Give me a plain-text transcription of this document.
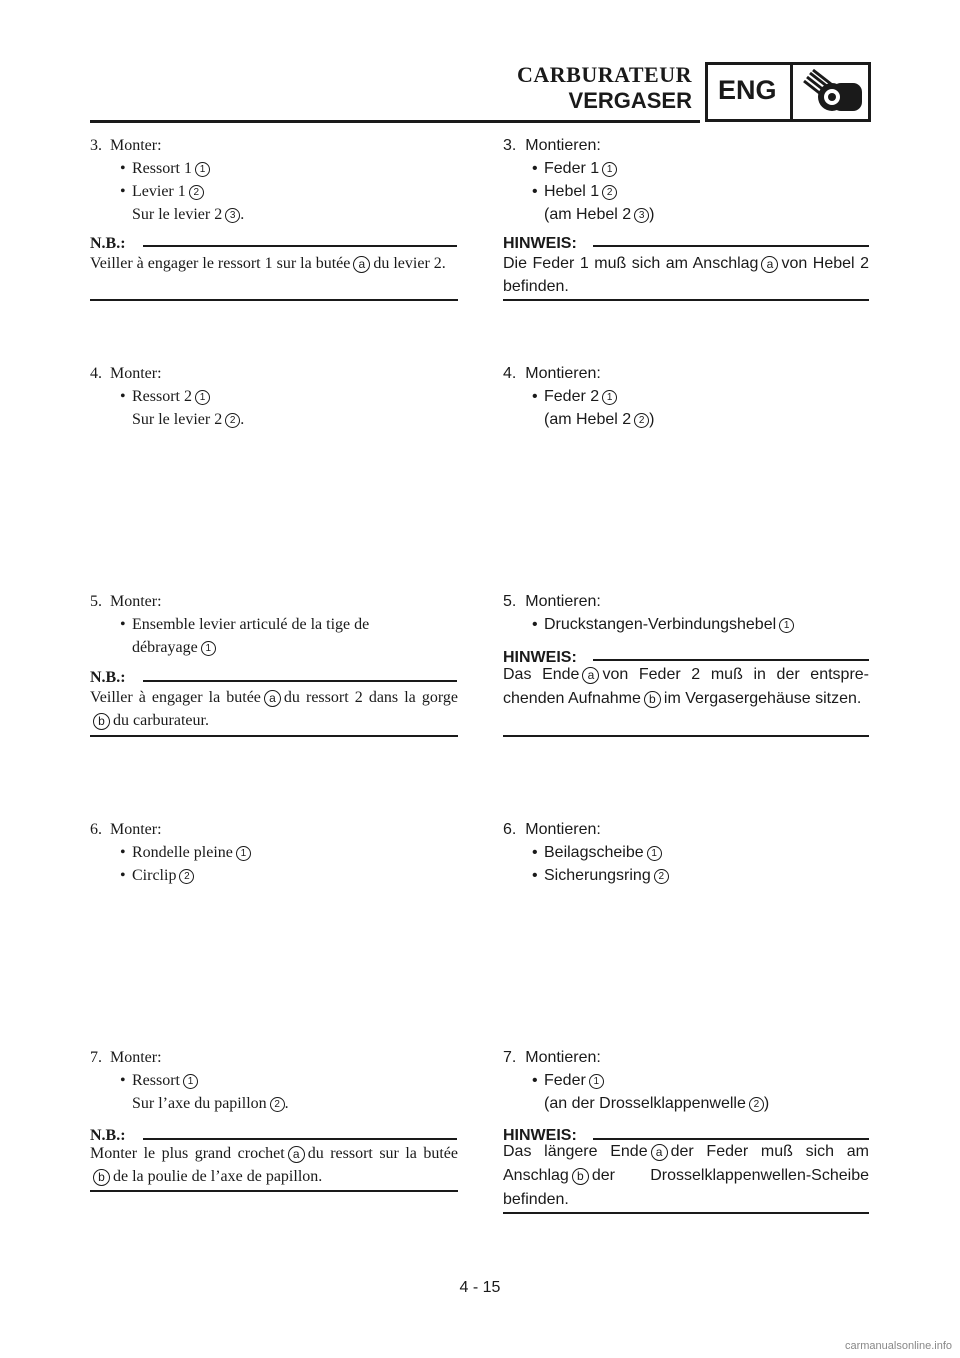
CARBURATEUR
VERGASER ENG
3. Monter:
Ressort 1 1
Levier 1 2
Sur le levier 2 3 .
N.B.:
Veiller à engager le ressort 1 sur la butée a du levier 2.
4. Monter:
Ressort 2 1
Sur le levier 2 2 .
5. Monter:
Ensemble levier articulé de la tige de
débrayage 1
N.B.:
Veiller à engager la butée a du ressort 2 dans la gorgeb du carburateur.
6. Monter:
Rondelle pleine 1
Circlip 2
7. Monter:
Ressort 1
Sur l’axe du papillon 2 .
N.B.:
Monter le plus grand crochet a du ressort sur la butéeb de la poulie de l’axe de papillon.
3. Montieren:
Feder 1 1
Hebel 1 2
(am Hebel 2 3 )
HINWEIS:
Die Feder 1 muß sich am Anschlag a von Hebel 2 befinden.
4. Montieren:
Feder 2 1
(am Hebel 2 2 )
5. Montieren:
Druckstangen-Verbindungshebel 1
HINWEIS:
Das Ende a von Feder 2 muß in der entspre-chenden Aufnahme b im Vergasergehäuse sitzen.
6. Montieren:
Beilagscheibe 1
Sicherungsring 2
7. Montieren:
Feder 1
(an der Drosselklappenwelle 2 )
HINWEIS:
Das längere Ende a der Feder muß sich am Anschlag b der Drosselklappenwellen-Scheibe befinden.
4 - 15
carmanualsonline.info
